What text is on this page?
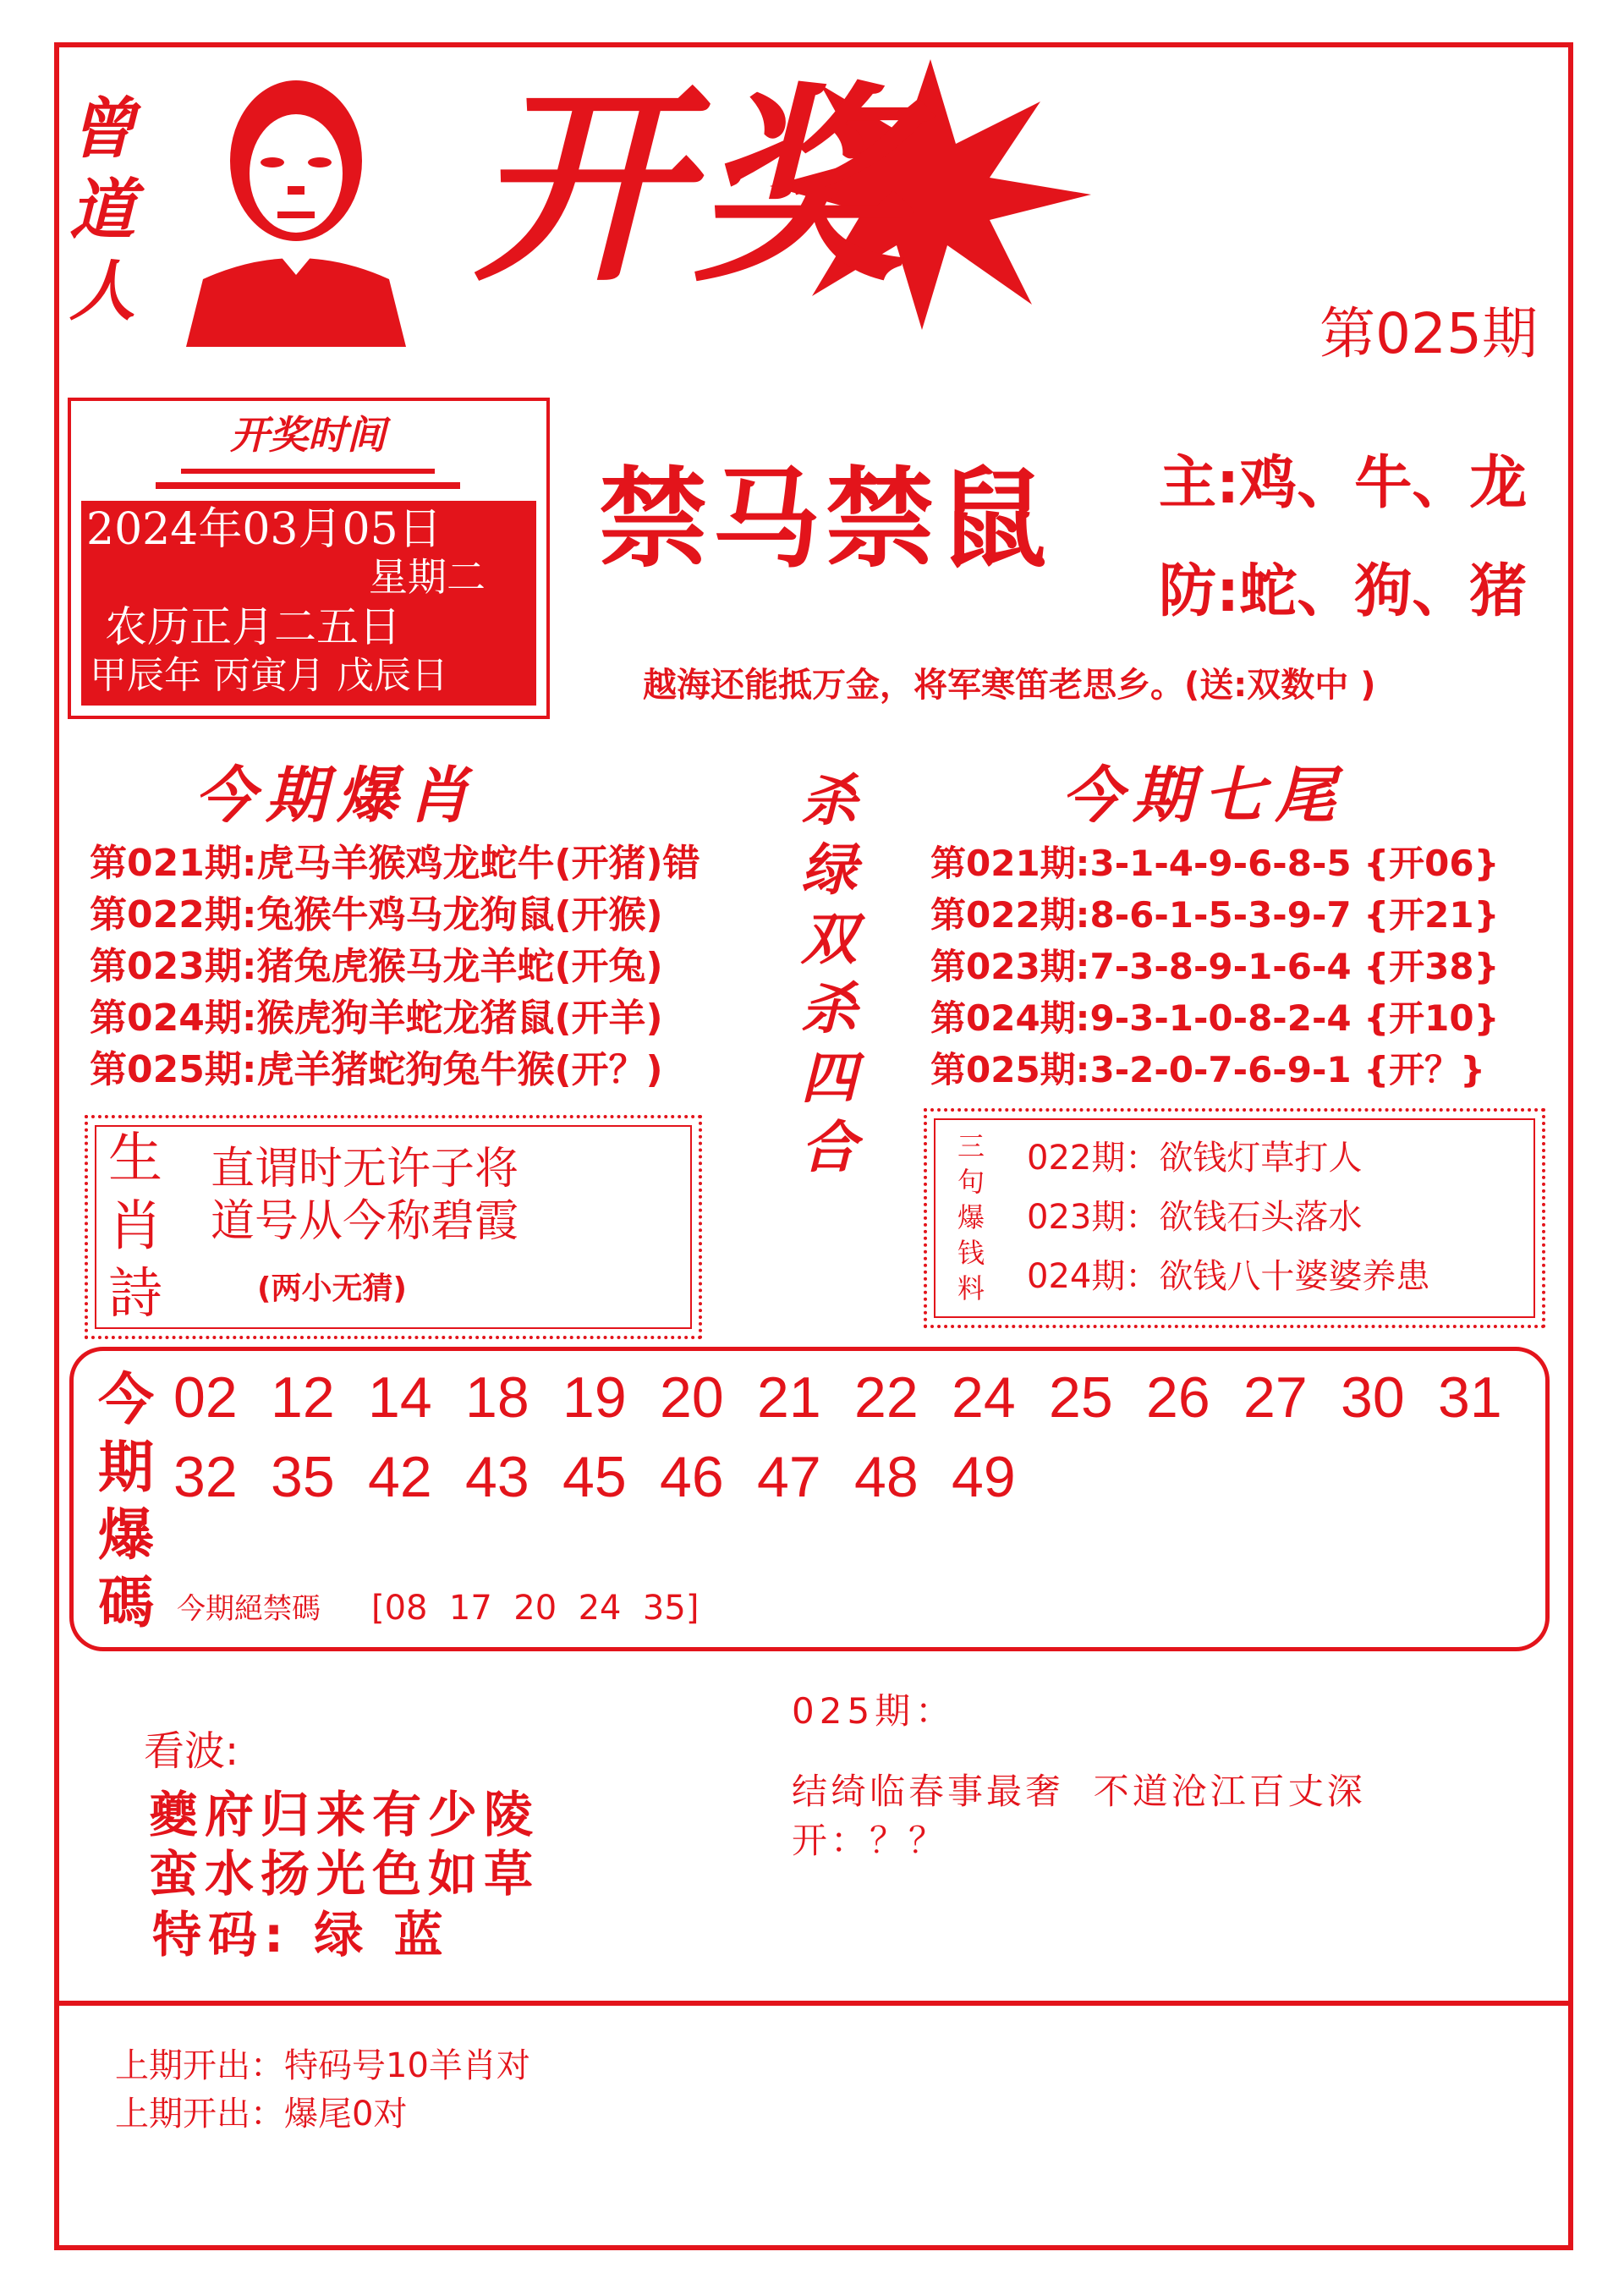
曾
道
人 开奖
第025期
开奖时间
2024年03月05日
星期二
农历正月二五日
甲辰年 丙寅月 戊辰日
禁马禁鼠 主:鸡、牛、龙
防:蛇、狗、猪
越海还能抵万金，将军寒笛老思乡。(送:双数中 )
今期爆肖
第021期:虎马羊猴鸡龙蛇牛(开猪)错
第022期:兔猴牛鸡马龙狗鼠(开猴)
第023期:猪兔虎猴马龙羊蛇(开兔)
第024期:猴虎狗羊蛇龙猪鼠(开羊)
第025期:虎羊猪蛇狗兔牛猴(开？)
杀
绿
双
杀
四
合
今期七尾
第021期:3-1-4-9-6-8-5 {开06}
第022期:8-6-1-5-3-9-7 {开21}
第023期:7-3-8-9-1-6-4 {开38}
第024期:9-3-1-0-8-2-4 {开10}
第025期:3-2-0-7-6-9-1 {开？}
生
肖
詩
直谓时无许子将
道号从今称碧霞
(两小无猜)
三
句
爆
钱
料
022期：欲钱灯草打人
023期：欲钱石头落水
024期：欲钱八十婆婆养患
今
期
爆
碼
02 12 14 18 19 20 21 22 24 25 26 27 30 31
32 35 42 43 45 46 47 48 49
今期絕禁碼 [08  17  20  24  35]
看波:
夔府归来有少陵
蛮水扬光色如草
特码: 绿 蓝
025期：
结绮临春事最奢  不道沧江百丈深
开：？？
上期开出：特码号10羊肖对
上期开出：爆尾0对
